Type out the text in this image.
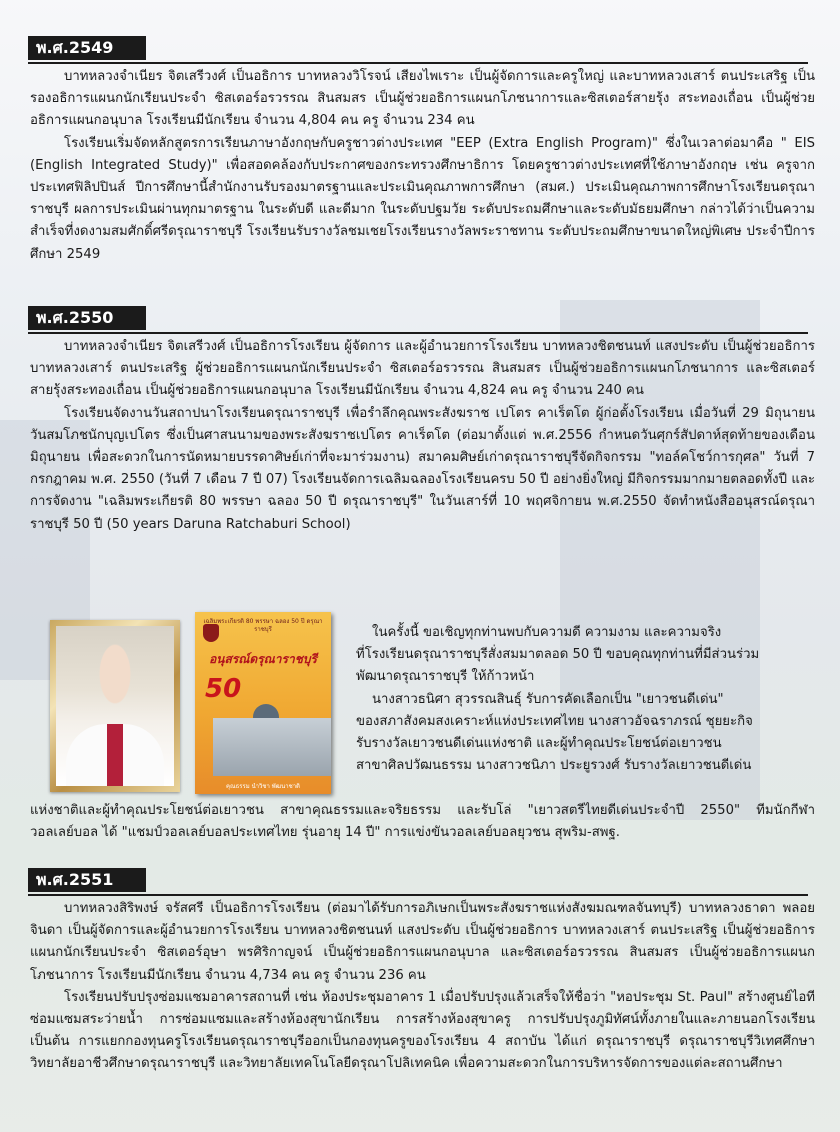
พ.ศ.2549

บาทหลวงจำเนียร จิตเสรีวงศ์ เป็นอธิการ บาทหลวงวิโรจน์ เสียงไพเราะ เป็นผู้จัดการและครูใหญ่ และบาทหลวงเสาร์ ตนประเสริฐ เป็นรองอธิการแผนกนักเรียนประจำ ซิสเตอร์อรวรรณ สินสมสร เป็นผู้ช่วยอธิการแผนกโภชนาการและซิสเตอร์สายรุ้ง สระทองเถื่อน เป็นผู้ช่วยอธิการแผนกอนุบาล โรงเรียนมีนักเรียน จำนวน 4,804 คน ครู จำนวน 234 คน

โรงเรียนเริ่มจัดหลักสูตรการเรียนภาษาอังกฤษกับครูชาวต่างประเทศ "EEP (Extra English Program)" ซึ่งในเวลาต่อมาคือ " EIS (English Integrated Study)" เพื่อสอดคล้องกับประกาศของกระทรวงศึกษาธิการ โดยครูชาวต่างประเทศที่ใช้ภาษาอังกฤษ เช่น ครูจากประเทศฟิลิปปินส์ ปีการศึกษานี้สำนักงานรับรองมาตรฐานและประเมินคุณภาพการศึกษา (สมศ.) ประเมินคุณภาพการศึกษาโรงเรียนดรุณาราชบุรี ผลการประเมินผ่านทุกมาตรฐาน ในระดับดี และดีมาก ในระดับปฐมวัย ระดับประถมศึกษาและระดับมัธยมศึกษา กล่าวได้ว่าเป็นความสำเร็จที่งดงามสมศักดิ์ศรีดรุณาราชบุรี โรงเรียนรับรางวัลชมเชยโรงเรียนรางวัลพระราชทาน ระดับประถมศึกษาขนาดใหญ่พิเศษ ประจำปีการศึกษา 2549

พ.ศ.2550

บาทหลวงจำเนียร จิตเสรีวงศ์ เป็นอธิการโรงเรียน ผู้จัดการ และผู้อำนวยการโรงเรียน บาทหลวงชิตชนนท์ แสงประดับ เป็นผู้ช่วยอธิการ บาทหลวงเสาร์ ตนประเสริฐ ผู้ช่วยอธิการแผนกนักเรียนประจำ ซิสเตอร์อรวรรณ สินสมสร เป็นผู้ช่วยอธิการแผนกโภชนาการ และซิสเตอร์สายรุ้งสระทองเถื่อน เป็นผู้ช่วยอธิการแผนกอนุบาล โรงเรียนมีนักเรียน จำนวน 4,824 คน ครู จำนวน 240 คน

โรงเรียนจัดงานวันสถาปนาโรงเรียนดรุณาราชบุรี เพื่อรำลึกคุณพระสังฆราช เปโตร คาเร็ตโต ผู้ก่อตั้งโรงเรียน เมื่อวันที่ 29 มิถุนายน วันสมโภชนักบุญเปโตร ซึ่งเป็นศาสนนามของพระสังฆราชเปโตร คาเร็ตโต (ต่อมาตั้งแต่ พ.ศ.2556 กำหนดวันศุกร์สัปดาห์สุดท้ายของเดือนมิถุนายน เพื่อสะดวกในการนัดหมายบรรดาศิษย์เก่าที่จะมาร่วมงาน) สมาคมศิษย์เก่าดรุณาราชบุรีจัดกิจกรรม "ทอล์คโชว์การกุศล" วันที่ 7 กรกฎาคม พ.ศ. 2550 (วันที่ 7 เดือน 7 ปี 07) โรงเรียนจัดการเฉลิมฉลองโรงเรียนครบ 50 ปี อย่างยิ่งใหญ่ มีกิจกรรมมากมายตลอดทั้งปี และการจัดงาน "เฉลิมพระเกียรติ 80 พรรษา ฉลอง 50 ปี ดรุณาราชบุรี" ในวันเสาร์ที่ 10 พฤศจิกายน พ.ศ.2550 จัดทำหนังสืออนุสรณ์ดรุณาราชบุรี 50 ปี (50 years Daruna Ratchaburi School)

เฉลิมพระเกียรติ 80 พรรษา ฉลอง 50 ปี ดรุณาราชบุรี
อนุสรณ์ดรุณาราชบุรี
50
คุณธรรม นำวิชา พัฒนาชาติ
ในครั้งนี้ ขอเชิญทุกท่านพบกับความดี ความงาม และความจริง
ที่โรงเรียนดรุณาราชบุรีสั่งสมมาตลอด 50 ปี ขอบคุณทุกท่านที่มีส่วนร่วม
พัฒนาดรุณาราชบุรี ให้ก้าวหน้า
นางสาวธนิศา สุวรรณสินธุ์ รับการคัดเลือกเป็น "เยาวชนดีเด่น"
ของสภาสังคมสงเคราะห์แห่งประเทศไทย นางสาวอัจฉราภรณ์ ชุยยะกิจ
รับรางวัลเยาวชนดีเด่นแห่งชาติ และผู้ทำคุณประโยชน์ต่อเยาวชน
สาขาศิลปวัฒนธรรม นางสาวชนิภา ประยูรวงศ์ รับรางวัลเยาวชนดีเด่น
แห่งชาติและผู้ทำคุณประโยชน์ต่อเยาวชน สาขาคุณธรรมและจริยธรรม และรับโล่ "เยาวสตรีไทยดีเด่นประจำปี 2550" ทีมนักกีฬาวอลเลย์บอล ได้ "แชมป์วอลเลย์บอลประเทศไทย รุ่นอายุ 14 ปี" การแข่งขันวอลเลย์บอลยุวชน สุพริม-สพฐ.
พ.ศ.2551

บาทหลวงสิริพงษ์ จรัสศรี เป็นอธิการโรงเรียน (ต่อมาได้รับการอภิเษกเป็นพระสังฆราชแห่งสังฆมณฑลจันทบุรี) บาทหลวงธาดา พลอยจินดา เป็นผู้จัดการและผู้อำนวยการโรงเรียน บาทหลวงชิตชนนท์ แสงประดับ เป็นผู้ช่วยอธิการ บาทหลวงเสาร์ ตนประเสริฐ เป็นผู้ช่วยอธิการแผนกนักเรียนประจำ ซิสเตอร์อุษา พรศิริกาญจน์ เป็นผู้ช่วยอธิการแผนกอนุบาล และซิสเตอร์อรวรรณ สินสมสร เป็นผู้ช่วยอธิการแผนกโภชนาการ โรงเรียนมีนักเรียน จำนวน 4,734 คน ครู จำนวน 236 คน

โรงเรียนปรับปรุงซ่อมแซมอาคารสถานที่ เช่น ห้องประชุมอาคาร 1 เมื่อปรับปรุงแล้วเสร็จให้ชื่อว่า "หอประชุม St. Paul" สร้างศูนย์ไอที ซ่อมแซมสระว่ายน้ำ การซ่อมแซมและสร้างห้องสุขานักเรียน การสร้างห้องสุขาครู การปรับปรุงภูมิทัศน์ทั้งภายในและภายนอกโรงเรียน เป็นต้น การแยกกองทุนครูโรงเรียนดรุณาราชบุรีออกเป็นกองทุนครูของโรงเรียน 4 สถาบัน ได้แก่ ดรุณาราชบุรี ดรุณาราชบุรีวิเทศศึกษา วิทยาลัยอาชีวศึกษาดรุณาราชบุรี และวิทยาลัยเทคโนโลยีดรุณาโปลิเทคนิค เพื่อความสะดวกในการบริหารจัดการของแต่ละสถานศึกษา
